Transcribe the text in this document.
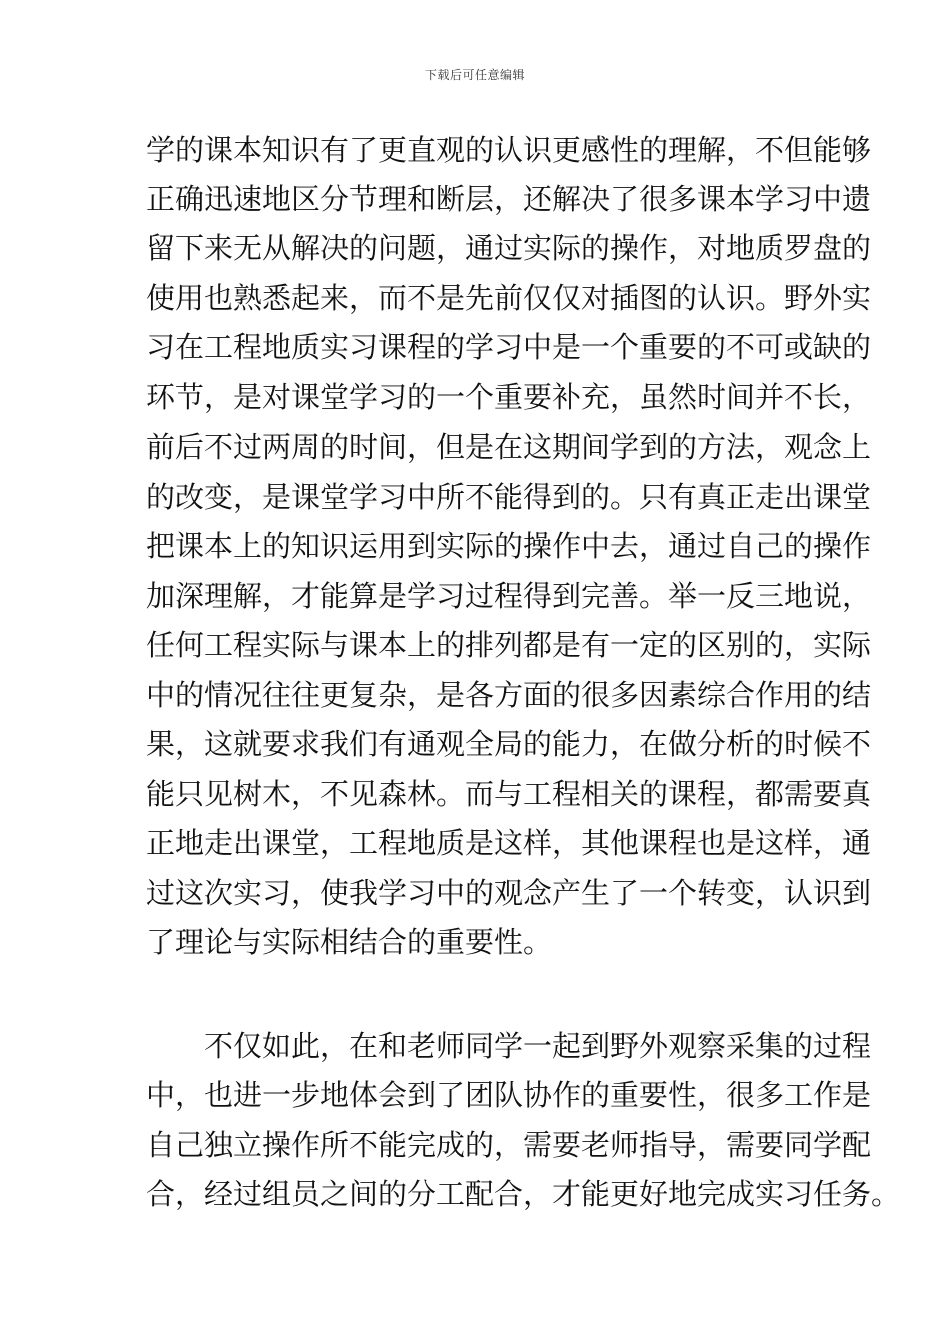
下载后可任意编辑
学的课本知识有了更直观的认识更感性的理解，不但能够
正确迅速地区分节理和断层，还解决了很多课本学习中遗
留下来无从解决的问题，通过实际的操作，对地质罗盘的
使用也熟悉起来，而不是先前仅仅对插图的认识。野外实
习在工程地质实习课程的学习中是一个重要的不可或缺的
环节，是对课堂学习的一个重要补充，虽然时间并不长，
前后不过两周的时间，但是在这期间学到的方法，观念上
的改变，是课堂学习中所不能得到的。只有真正走出课堂
把课本上的知识运用到实际的操作中去，通过自己的操作
加深理解，才能算是学习过程得到完善。举一反三地说，
任何工程实际与课本上的排列都是有一定的区别的，实际
中的情况往往更复杂，是各方面的很多因素综合作用的结
果，这就要求我们有通观全局的能力，在做分析的时候不
能只见树木，不见森林。而与工程相关的课程，都需要真
正地走出课堂，工程地质是这样，其他课程也是这样，通
过这次实习，使我学习中的观念产生了一个转变，认识到
了理论与实际相结合的重要性。
　　不仅如此，在和老师同学一起到野外观察采集的过程
中，也进一步地体会到了团队协作的重要性，很多工作是
自己独立操作所不能完成的，需要老师指导，需要同学配
合，经过组员之间的分工配合，才能更好地完成实习任务。
